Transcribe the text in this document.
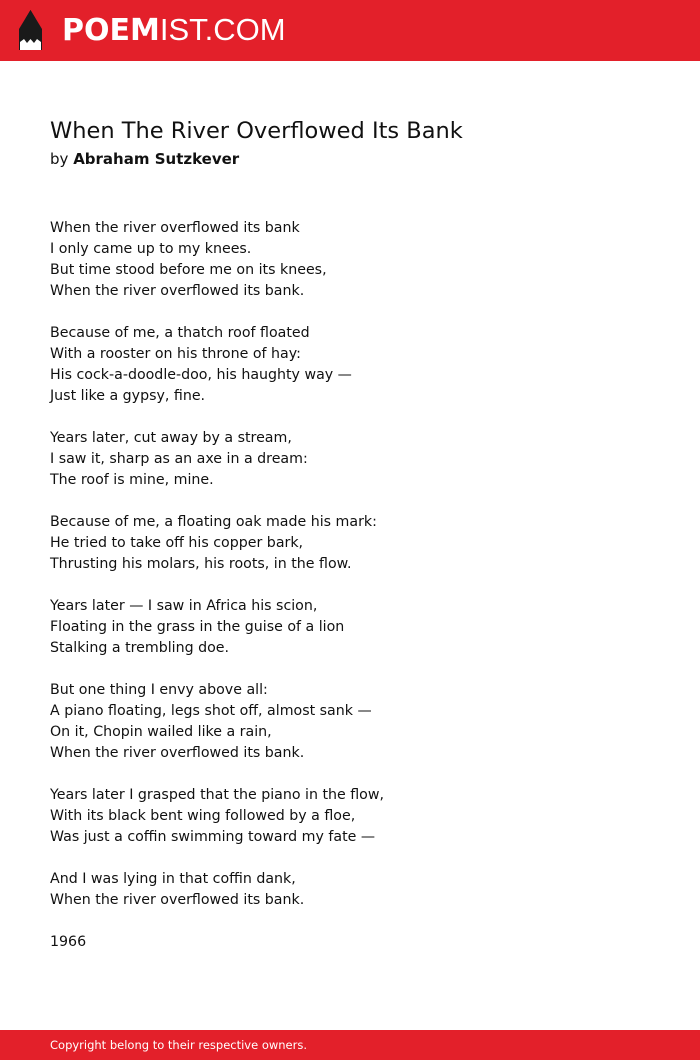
POEMIST.COM
When The River Overflowed Its Bank
by Abraham Sutzkever
When the river overflowed its bank
I only came up to my knees.
But time stood before me on its knees,
When the river overflowed its bank.
Because of me, a thatch roof floated
With a rooster on his throne of hay:
His cock-a-doodle-doo, his haughty way —
Just like a gypsy, fine.
Years later, cut away by a stream,
I saw it, sharp as an axe in a dream:
The roof is mine, mine.
Because of me, a floating oak made his mark:
He tried to take off his copper bark,
Thrusting his molars, his roots, in the flow.
Years later — I saw in Africa his scion,
Floating in the grass in the guise of a lion
Stalking a trembling doe.
But one thing I envy above all:
A piano floating, legs shot off, almost sank —
On it, Chopin wailed like a rain,
When the river overflowed its bank.
Years later I grasped that the piano in the flow,
With its black bent wing followed by a floe,
Was just a coffin swimming toward my fate —
And I was lying in that coffin dank,
When the river overflowed its bank.
1966
Copyright belong to their respective owners.
